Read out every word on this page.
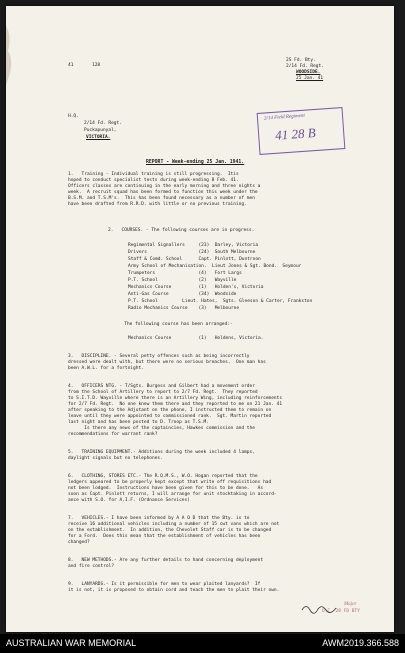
41	128
2S Fd. Bty.
2/14 Fd. Regt.
WOODSIDE.
25 Jan. 41
H.Q.
2/14 Fd. Regt.
Puckapunyal,
VICTORIA.
2/14 Field Regiment
41 28 B
REPORT - Week-ending 25 Jan. 1941.
1.   Training - Individual training is still progressing.  Itis
hoped to conduct specialist tests during week-ending 8 Feb. 41.
Officers classes are continuing in the early morning and three nights a
week.  A recruit squad has been formed to function this week under the
B.S.M. and T.S.M's.  This has been found necessary as a number of men
have been drafted from R.R.D. with little or no previous training.
2.   COURSES. - The following courses are in progress.
Regimental Signallers     (23)  Darley, Victoria
Drivers                   (24)  South Melbourne
Staff & Comd. School      Capt. Pinlott, Duntroon
Army School of Mechanisation.  Lieut Jones & Sgt. Bond.  Seymour
Trumpeters                (4)   Fort Largs
P.T. School               (2)   Wayville
Mechanics Course          (1)   Holden's, Victoria
Anti-Gas Course           (34)  Woodside
P.T. School         Lieut. Hates,  Sgts. Gleeson & Carter, Frankston
Radio Mechanics Course    (3)   Melbourne
The following course has been arranged:-
Mechanics Course          (1)   Holdens, Victoria.
3.   DISCIPLINE. - Several petty offences such as being incorrectly
dressed were dealt with, but there were no serious breaches.  One man has
been A.W.L. for a fortnight.
4.   OFFICERS NTG. - T/Sgts. Burgess and Gilbert had a movement order
from the School of Artillery to report to 2/7 Fd. Regt.  They reported
to S.I.T.D. Wayville where there is an Artillery Wing, including reinforcements
for 2/7 Fd. Regt.  No one knew them there and they reported to me on 21 Jan. 41
after speaking to the Adjutant on the phone, I instructed them to remain on
leave until they were appointed to commissioned rank.  Sgt. Martin reported
last night and has been posted to D. Troop as T.S.M.
Is there any news of the captaincies, Hawkes commission and the
recommendations for warrant rank?
5.   TRAINING EQUIPMENT.- Additions during the week included 4 lamps,
daylight signals but no telephones.
6.   CLOTHING, STORES ETC.- The R.Q.M.S., W.O. Hogan reported that the
ledgers appeared to be properly kept except that write off requisitions had
not been lodged.  Instructions have been given for this to be done.   As
soon as Capt. Pinlott returns, I will arrange for unit stocktaking in accord-
ance with S.O. for A.I.F. (Ordnance Services)
7.   VEHICLES.- I have been informed by A A O D that the Bty. is to
receive 16 additional vehicles including a number of 15 cwt vans which are not
on the establishment.  In addition, the Chevolet Staff car is to be changed
for a Ford.  Does this mean that the establishment of vehicles has been
changed?
8.   NEW METHODS.- Are any further details to hand concerning deployment
and fire control?
9.   LANYARDS.- Is it permissible for men to wear plaited lanyards?  If
it is not, it is proposed to obtain cord and teach the men to plait their own.
Major
O.C. 28 FD BTY
AUSTRALIAN WAR MEMORIAL	AWM2019.366.588
